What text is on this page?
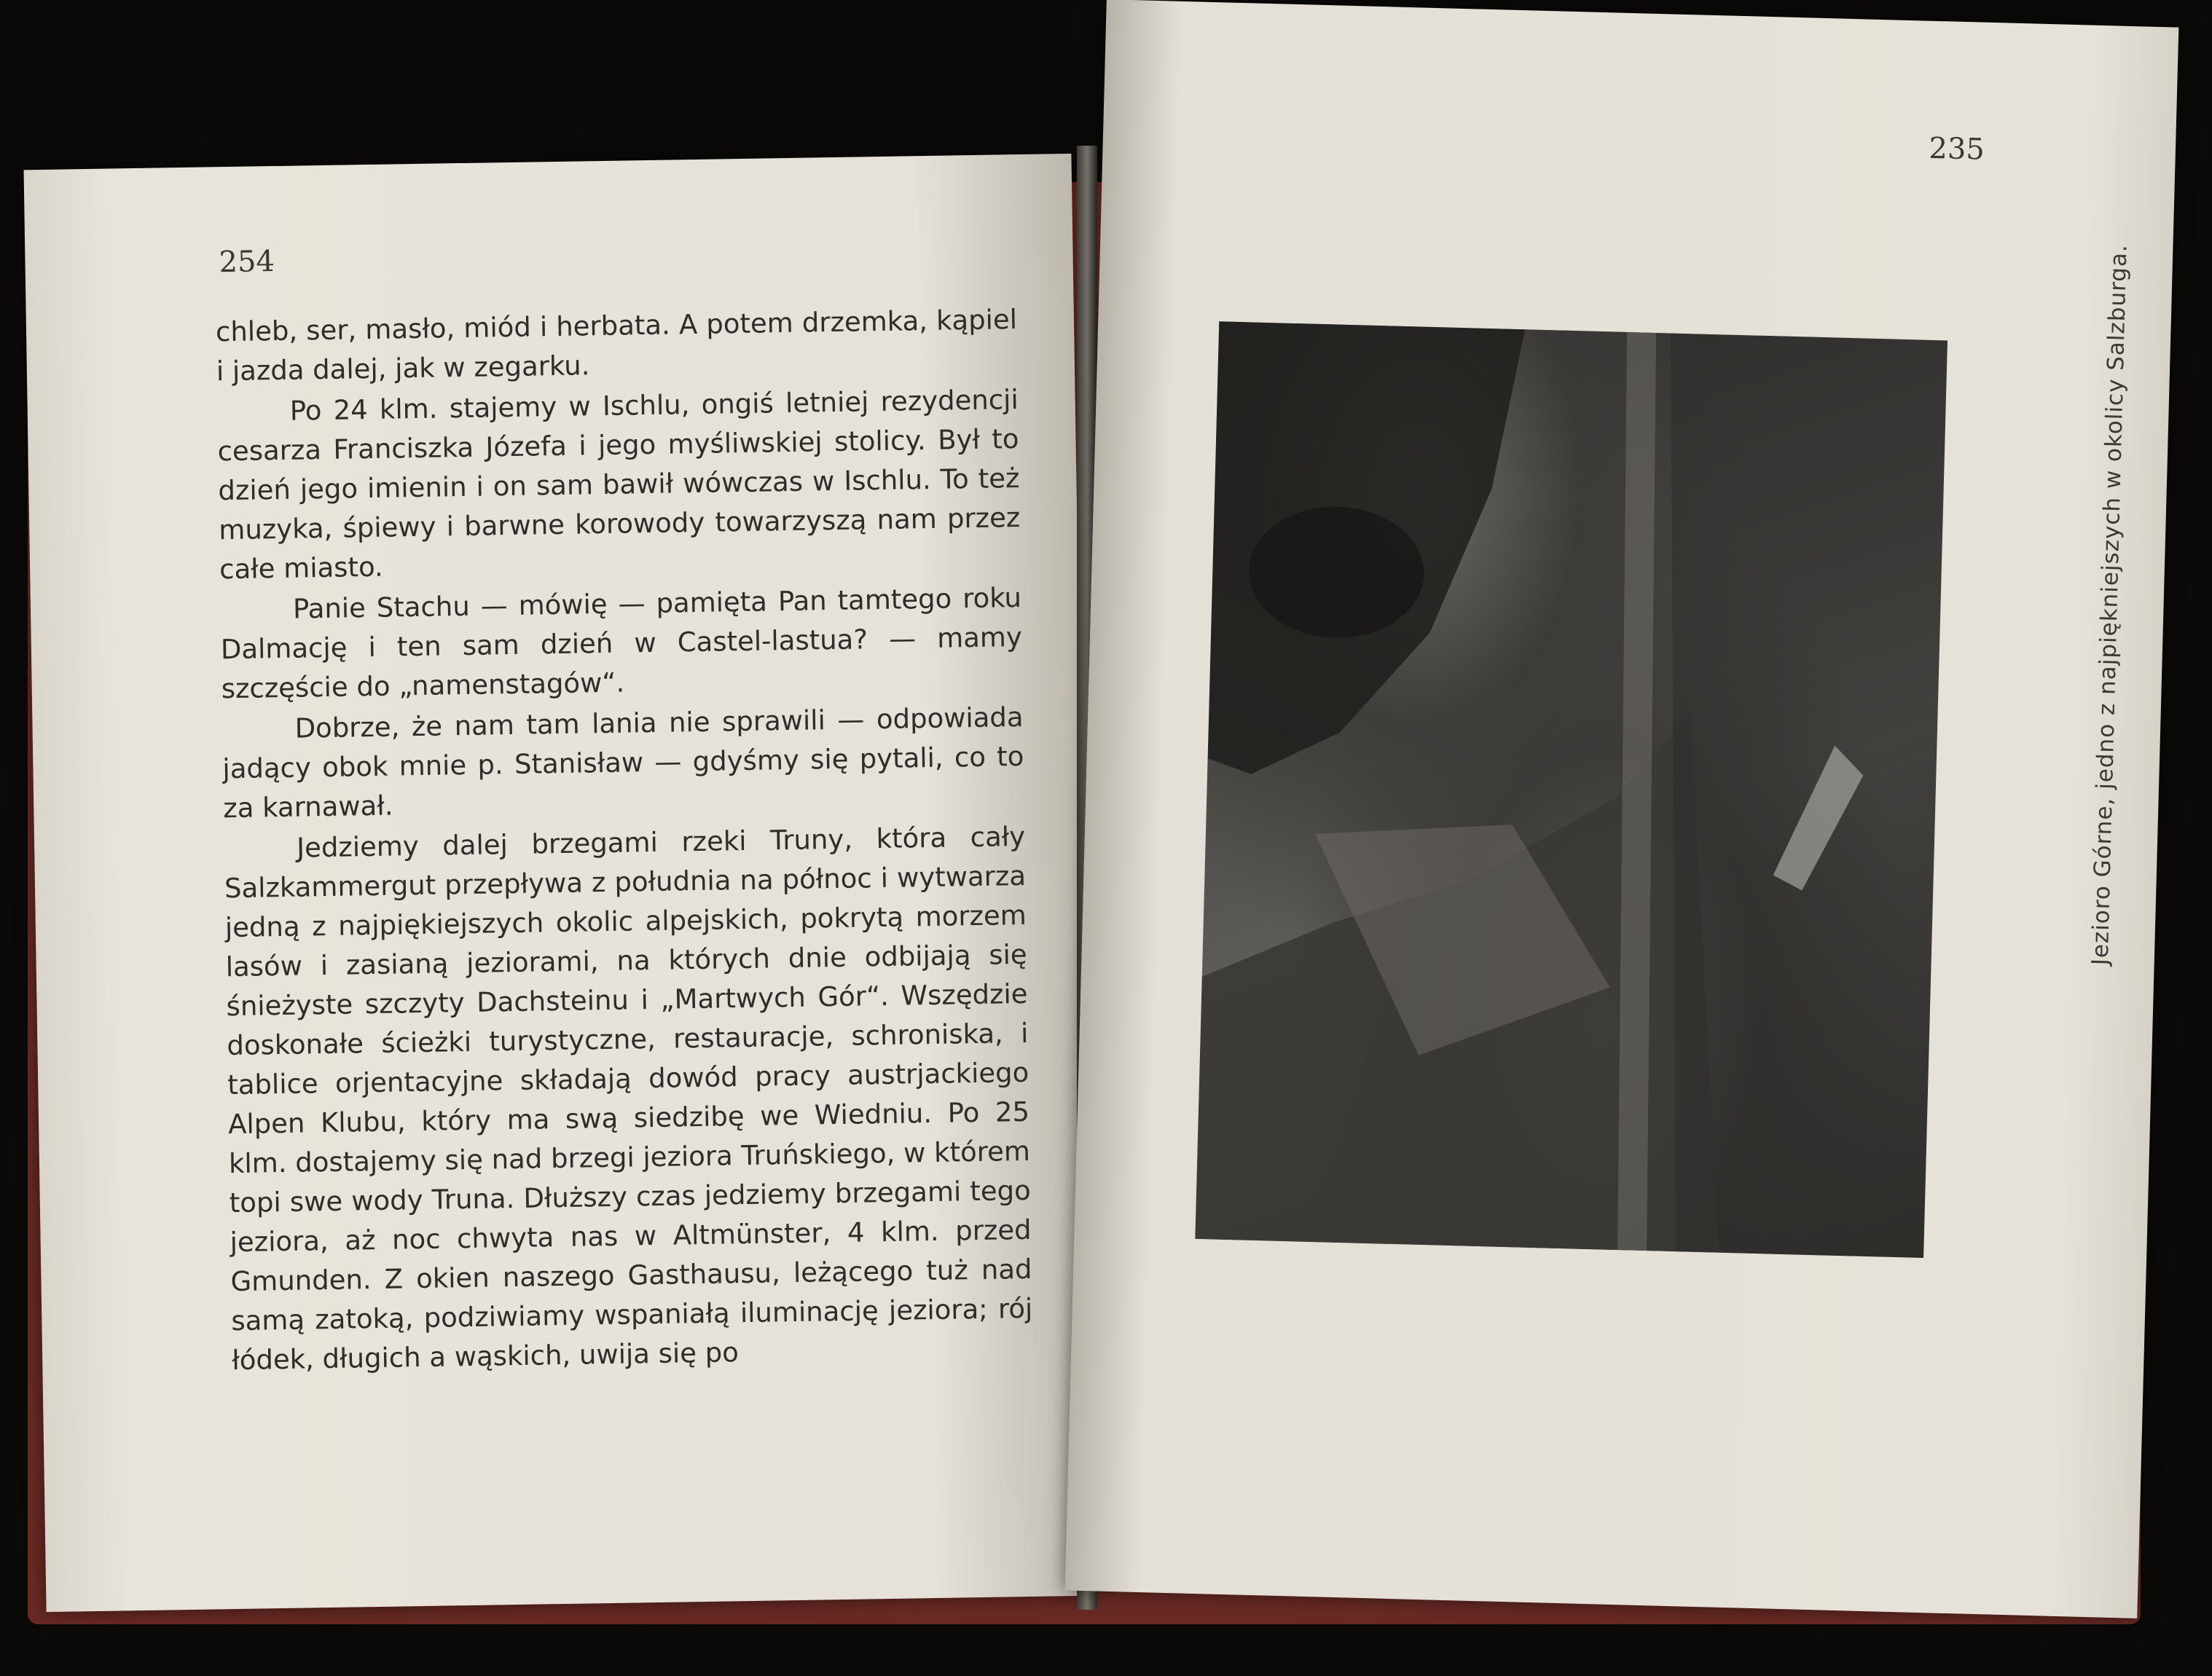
254

chleb, ser, masło, miód i herbata. A potem drzemka, kąpiel i jazda dalej, jak w zegarku.

Po 24 klm. stajemy w Ischlu, ongiś letniej rezydencji cesarza Franciszka Józefa i jego myśliwskiej stolicy. Był to dzień jego imienin i on sam bawił wówczas w Ischlu. To też muzyka, śpiewy i barwne korowody towarzyszą nam przez całe miasto.

Panie Stachu — mówię — pamięta Pan tamtego roku Dalmację i ten sam dzień w Castel-lastua? — mamy szczęście do „namenstagów“.

Dobrze, że nam tam lania nie sprawili — odpowiada jadący obok mnie p. Stanisław — gdyśmy się pytali, co to za karnawał.

Jedziemy dalej brzegami rzeki Truny, która cały Salzkammergut przepływa z południa na północ i wytwarza jedną z najpiękiejszych okolic alpejskich, pokrytą morzem lasów i zasianą jeziorami, na których dnie odbijają się śnieżyste szczyty Dachsteinu i „Martwych Gór“. Wszędzie doskonałe ścieżki turystyczne, restauracje, schroniska, i tablice orjentacyjne składają dowód pracy austrjackiego Alpen Klubu, który ma swą siedzibę we Wiedniu. Po 25 klm. dostajemy się nad brzegi jeziora Truńskiego, w którem topi swe wody Truna. Dłuższy czas jedziemy brzegami tego jeziora, aż noc chwyta nas w Altmünster, 4 klm. przed Gmunden. Z okien naszego Gasthausu, leżącego tuż nad samą zatoką, podziwiamy wspaniałą iluminację jeziora; rój łódek, długich a wąskich, uwija się po

235
Jezioro Górne, jedno z najpiękniejszych w okolicy Salzburga.
